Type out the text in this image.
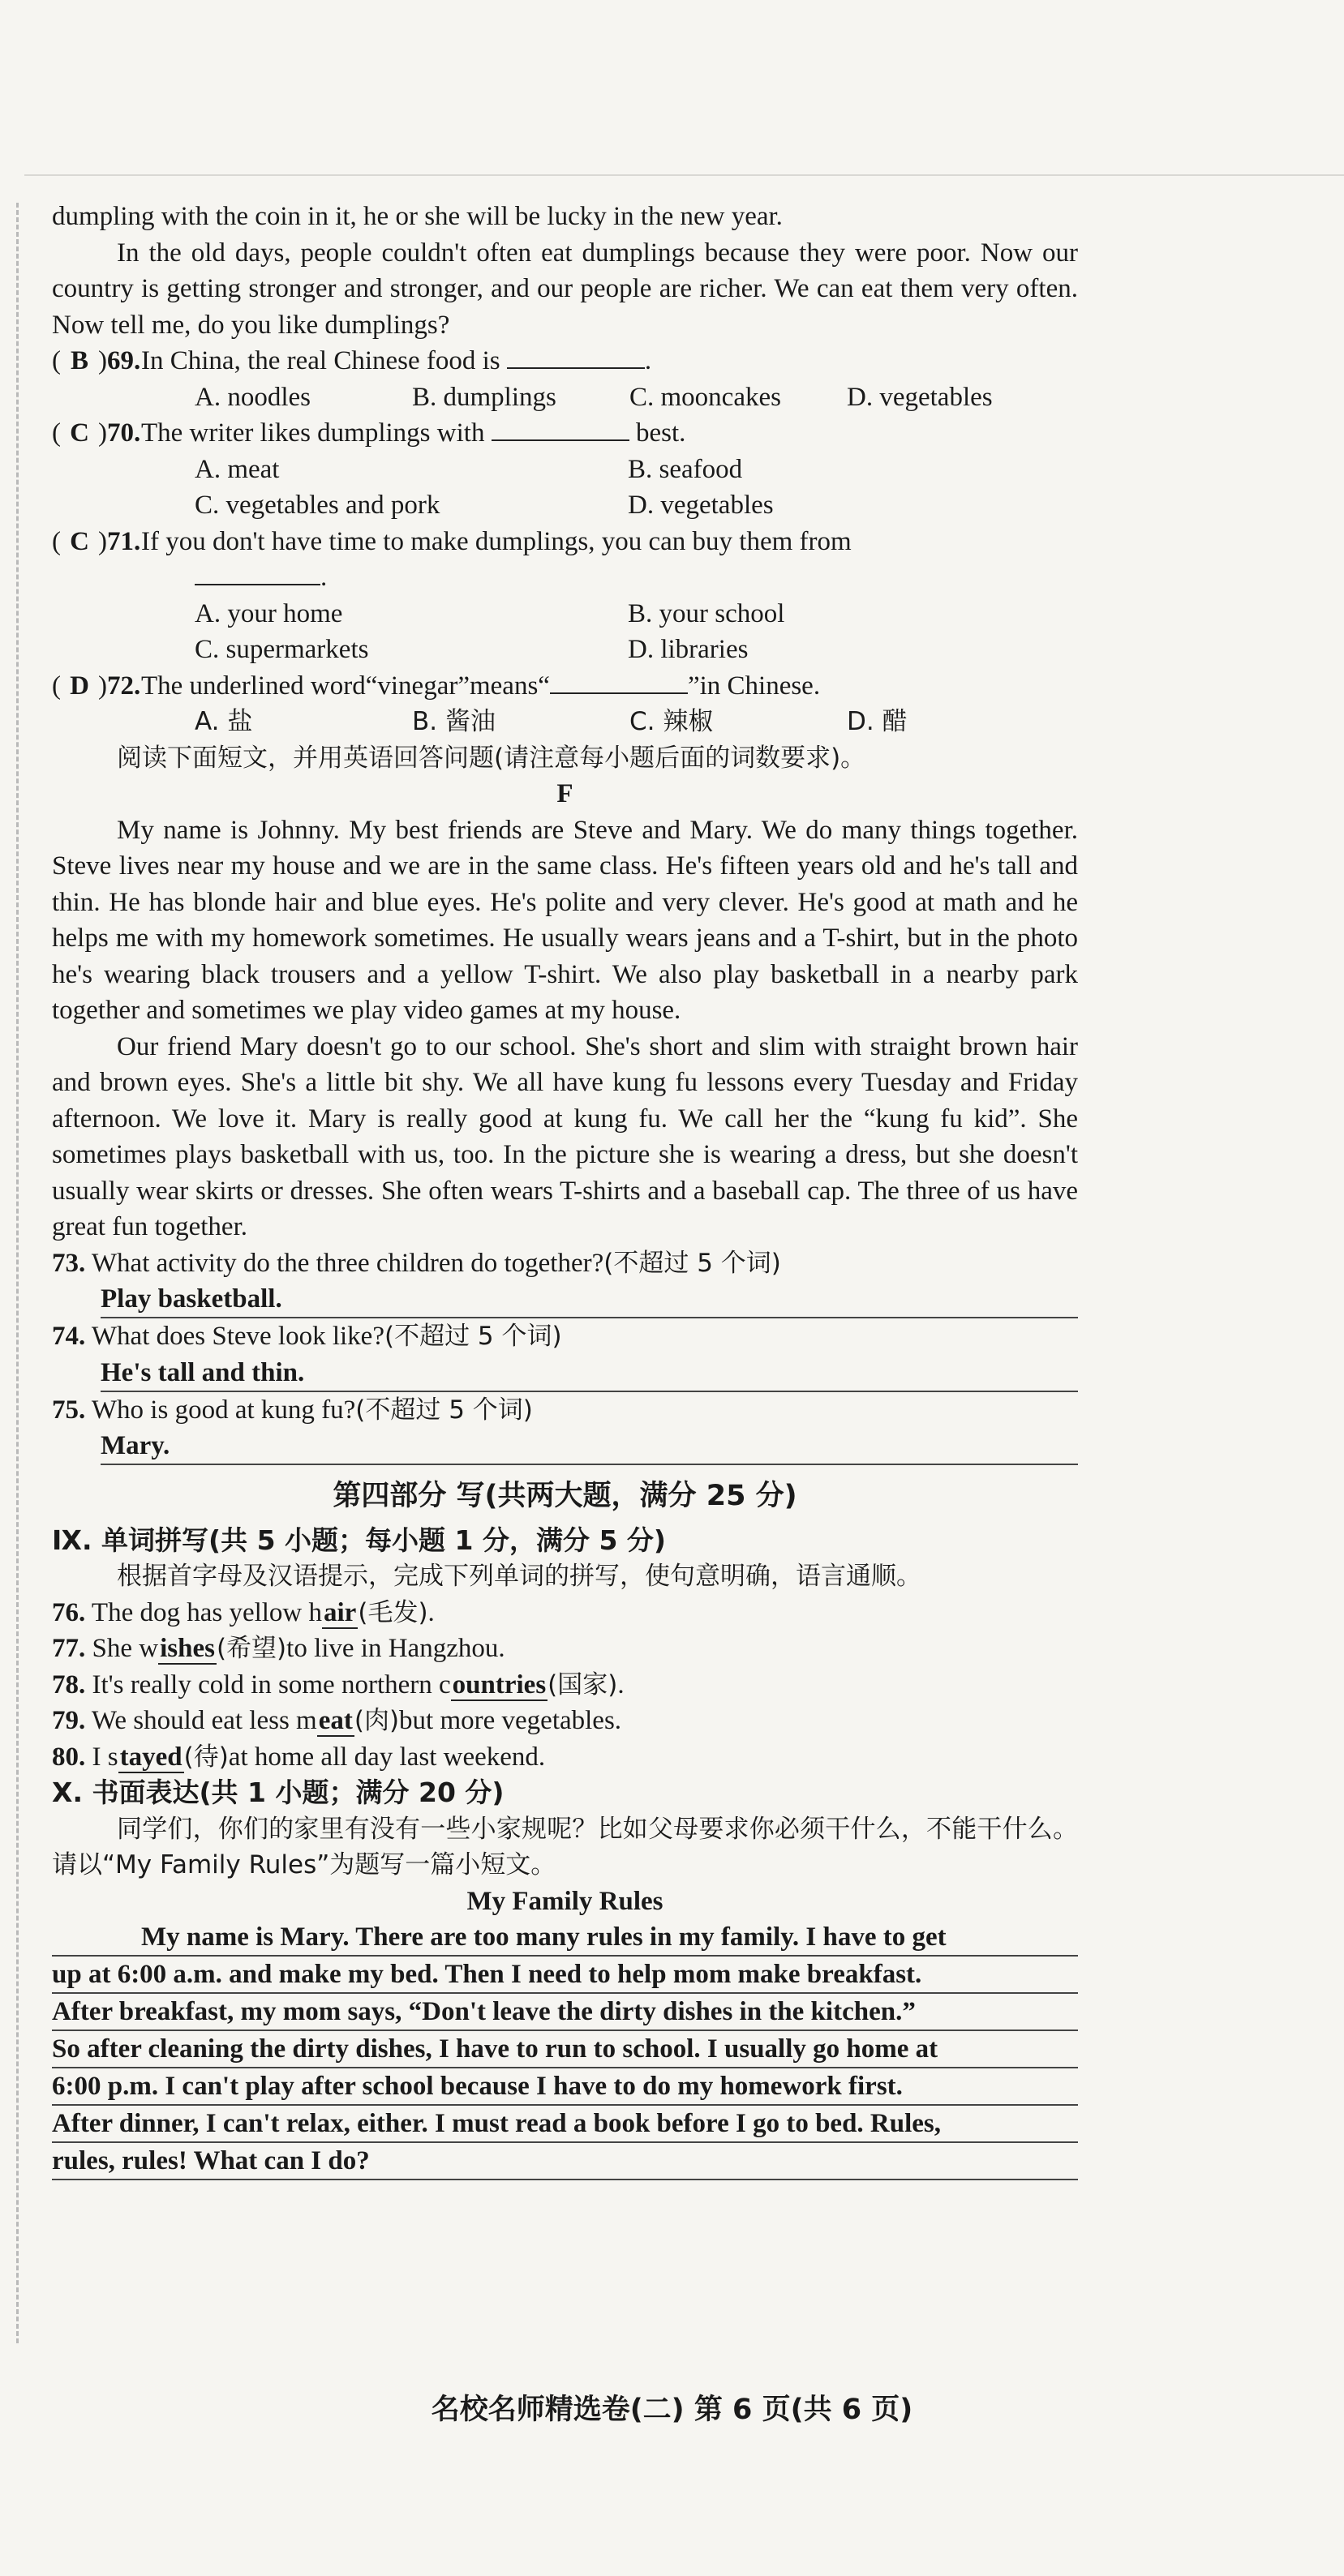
dumpling with the coin in it, he or she will be lucky in the new year.

In the old days, people couldn't often eat dumplings because they were poor. Now our country is getting stronger and stronger, and our people are richer. We can eat them very often. Now tell me, do you like dumplings?

( B )69. In China, the real Chinese food is	.

A. noodles	B. dumplings	C. mooncakes	D. vegetables

( C )70. The writer likes dumplings with	best.

A. meat	B. seafood
C. vegetables and pork	D. vegetables

( C )71. If you don't have time to make dumplings, you can buy them from

.

A. your home	B. your school
C. supermarkets	D. libraries

( D )72. The underlined word“vinegar”means“	”in Chinese.

A. 盐	B. 酱油	C. 辣椒	D. 醋

阅读下面短文，并用英语回答问题(请注意每小题后面的词数要求)。

F

My name is Johnny. My best friends are Steve and Mary. We do many things together. Steve lives near my house and we are in the same class. He's fifteen years old and he's tall and thin. He has blonde hair and blue eyes. He's polite and very clever. He's good at math and he helps me with my homework sometimes. He usually wears jeans and a T-shirt, but in the photo he's wearing black trousers and a yellow T-shirt. We also play basketball in a nearby park together and sometimes we play video games at my house.

Our friend Mary doesn't go to our school. She's short and slim with straight brown hair and brown eyes. She's a little bit shy. We all have kung fu lessons every Tuesday and Friday afternoon. We love it. Mary is really good at kung fu. We call her the “kung fu kid”. She sometimes plays basketball with us, too. In the picture she is wearing a dress, but she doesn't usually wear skirts or dresses. She often wears T-shirts and a baseball cap. The three of us have great fun together.

73. What activity do the three children do together?(不超过 5 个词)

Play basketball.

74. What does Steve look like?(不超过 5 个词)

He's tall and thin.

75. Who is good at kung fu?(不超过 5 个词)

Mary.

第四部分 写(共两大题，满分 25 分)

Ⅸ. 单词拼写(共 5 小题；每小题 1 分，满分 5 分)

根据首字母及汉语提示，完成下列单词的拼写，使句意明确，语言通顺。

76. The dog has yellow hair(毛发).

77. She wishes(希望)to live in Hangzhou.

78. It's really cold in some northern countries(国家).

79. We should eat less meat(肉)but more vegetables.

80. I stayed(待)at home all day last weekend.

Ⅹ. 书面表达(共 1 小题；满分 20 分)

同学们，你们的家里有没有一些小家规呢？比如父母要求你必须干什么，不能干什么。请以“My Family Rules”为题写一篇小短文。

My Family Rules

My name is Mary. There are too many rules in my family. I have to get
up at 6:00 a.m. and make my bed. Then I need to help mom make breakfast.
After breakfast, my mom says, “Don't leave the dirty dishes in the kitchen.”
So after cleaning the dirty dishes, I have to run to school. I usually go home at
6:00 p.m. I can't play after school because I have to do my homework first.
After dinner, I can't relax, either. I must read a book before I go to bed. Rules,
rules, rules! What can I do?
名校名师精选卷(二) 第 6 页(共 6 页)
